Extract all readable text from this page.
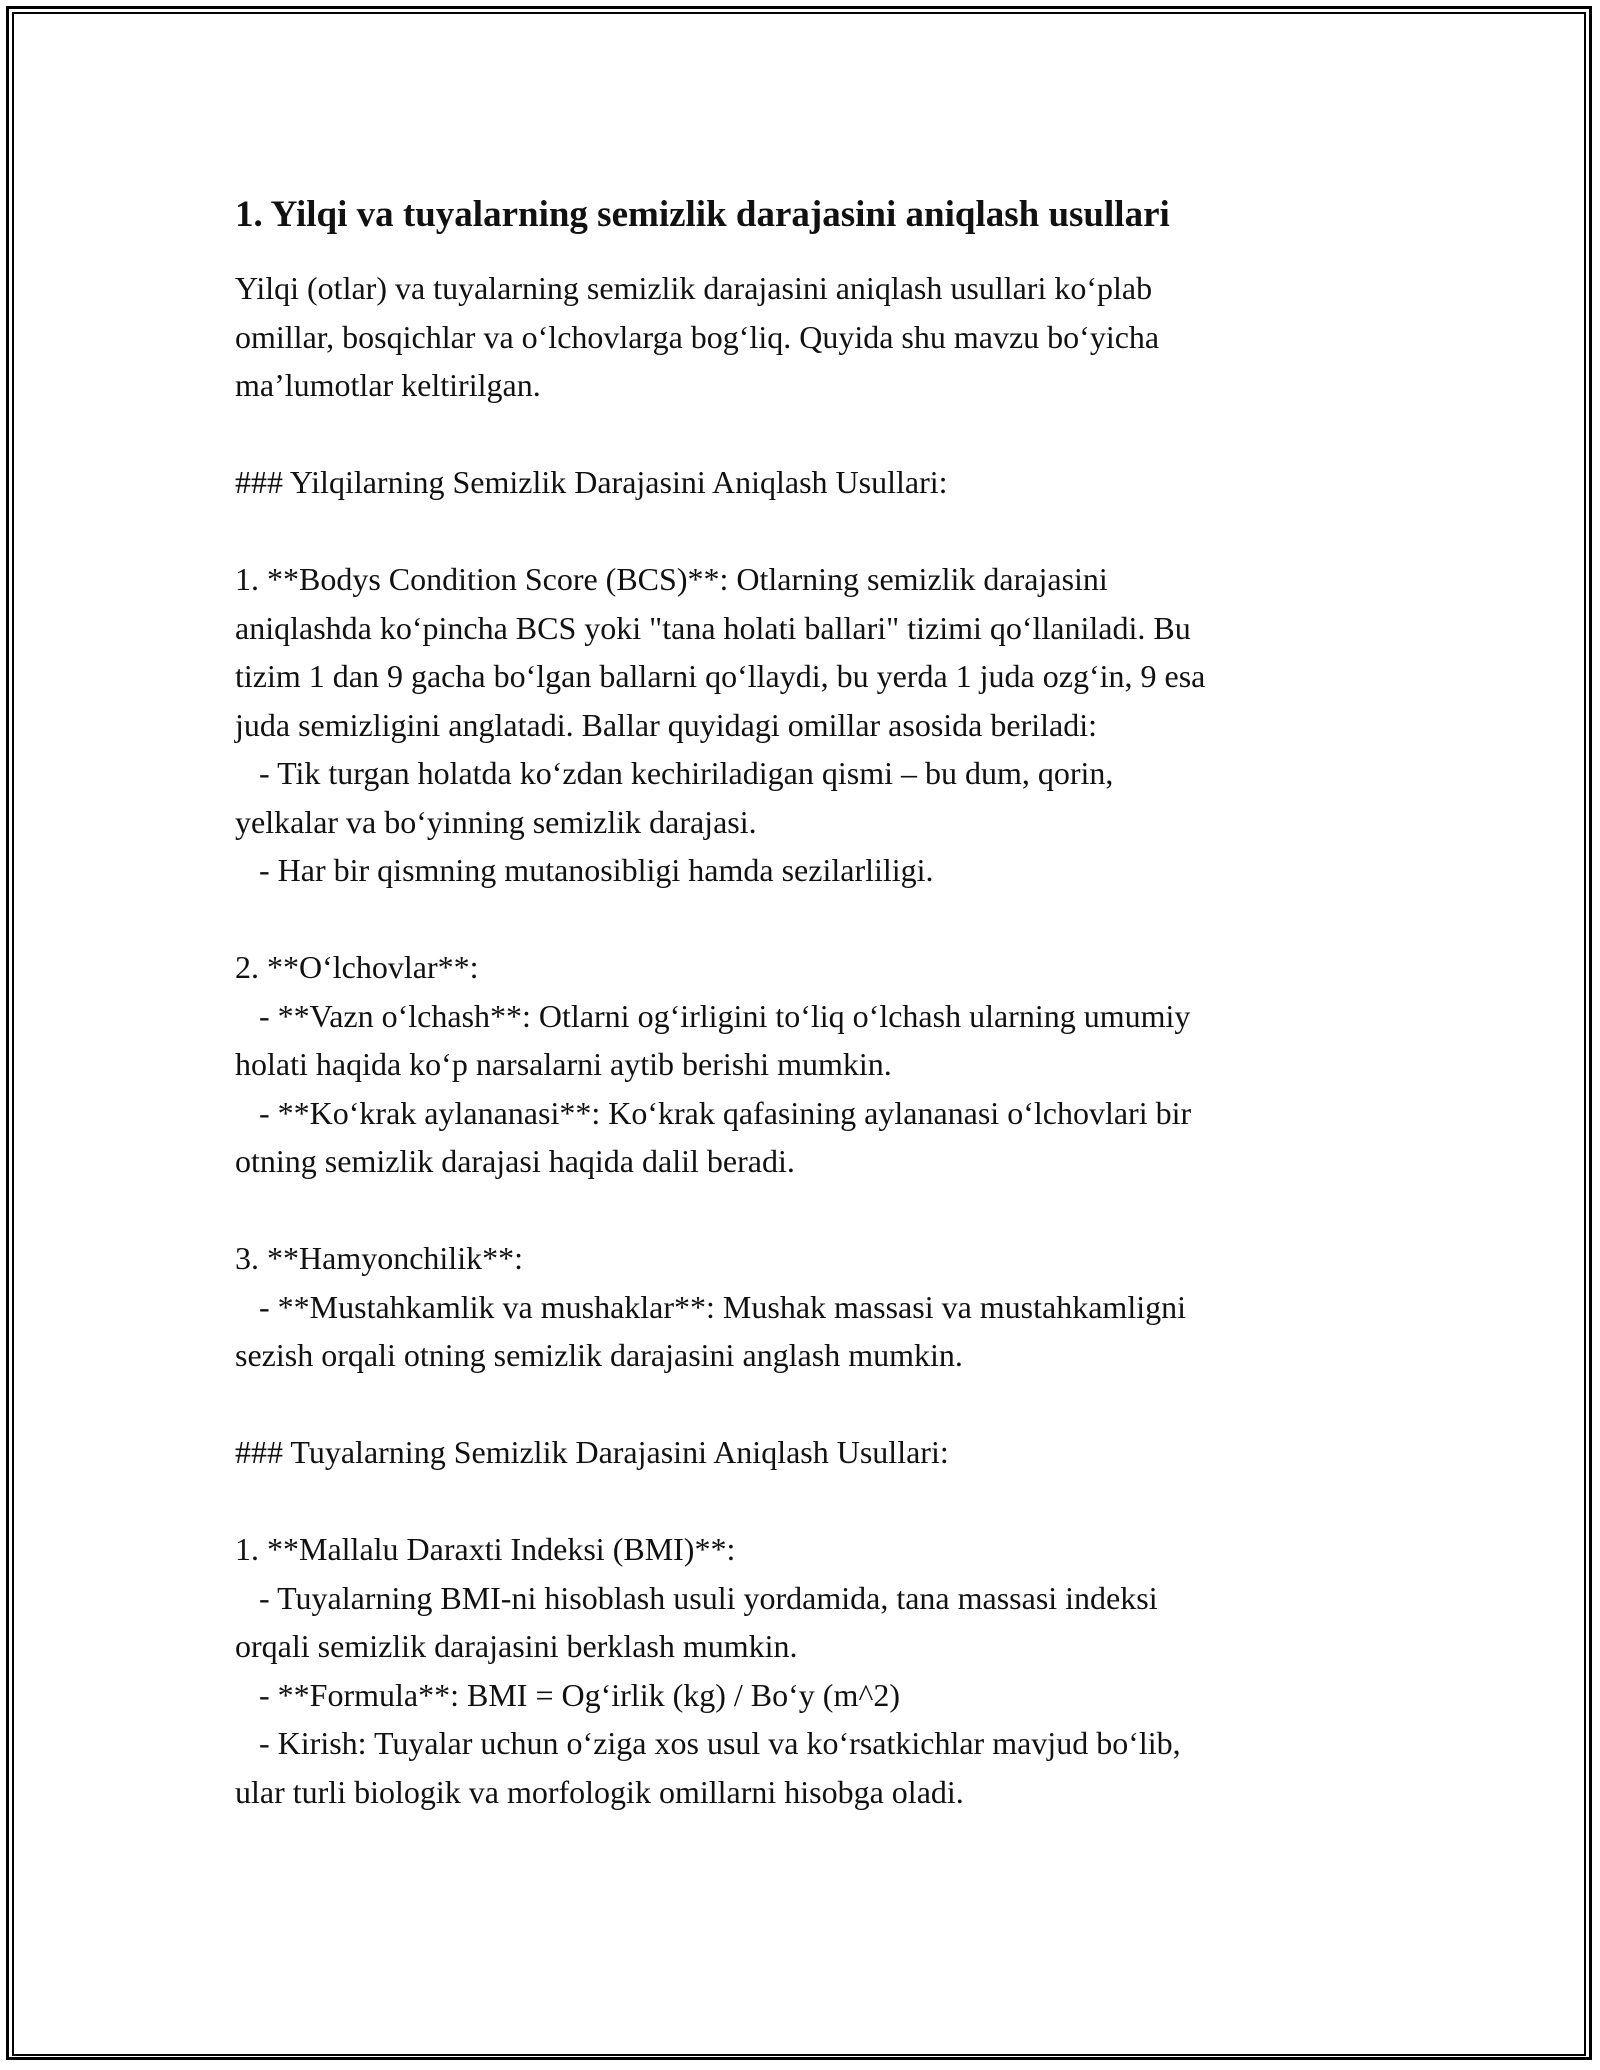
1. Yilqi va tuyalarning semizlik darajasini aniqlash usullari
Yilqi (otlar) va tuyalarning semizlik darajasini aniqlash usullari ko‘plab
omillar, bosqichlar va o‘lchovlarga bog‘liq. Quyida shu mavzu bo‘yicha
ma’lumotlar keltirilgan.
### Yilqilarning Semizlik Darajasini Aniqlash Usullari:
1. **Bodys Condition Score (BCS)**: Otlarning semizlik darajasini
aniqlashda ko‘pincha BCS yoki "tana holati ballari" tizimi qo‘llaniladi. Bu
tizim 1 dan 9 gacha bo‘lgan ballarni qo‘llaydi, bu yerda 1 juda ozg‘in, 9 esa
juda semizligini anglatadi. Ballar quyidagi omillar asosida beriladi:
- Tik turgan holatda ko‘zdan kechiriladigan qismi – bu dum, qorin,
yelkalar va bo‘yinning semizlik darajasi.
- Har bir qismning mutanosibligi hamda sezilarliligi.
2. **O‘lchovlar**:
- **Vazn o‘lchash**: Otlarni og‘irligini to‘liq o‘lchash ularning umumiy
holati haqida ko‘p narsalarni aytib berishi mumkin.
- **Ko‘krak aylananasi**: Ko‘krak qafasining aylananasi o‘lchovlari bir
otning semizlik darajasi haqida dalil beradi.
3. **Hamyonchilik**:
- **Mustahkamlik va mushaklar**: Mushak massasi va mustahkamligni
sezish orqali otning semizlik darajasini anglash mumkin.
### Tuyalarning Semizlik Darajasini Aniqlash Usullari:
1. **Mallalu Daraxti Indeksi (BMI)**:
- Tuyalarning BMI-ni hisoblash usuli yordamida, tana massasi indeksi
orqali semizlik darajasini berklash mumkin.
- **Formula**: BMI = Og‘irlik (kg) / Bo‘y (m^2)
- Kirish: Tuyalar uchun o‘ziga xos usul va ko‘rsatkichlar mavjud bo‘lib,
ular turli biologik va morfologik omillarni hisobga oladi.
